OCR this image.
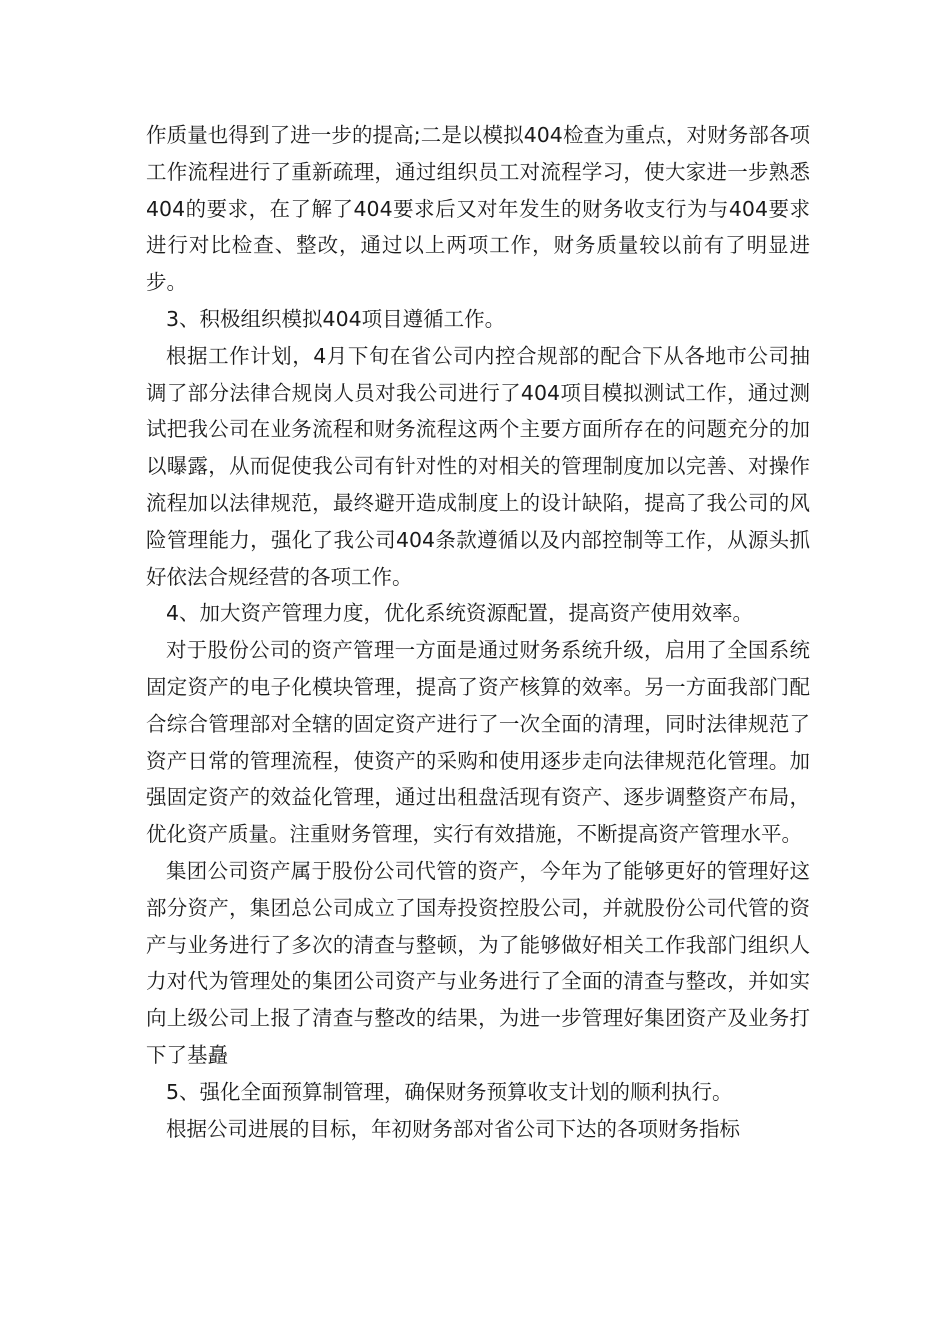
作质量也得到了进一步的提高;二是以模拟404检查为重点，对财务部各项工作流程进行了重新疏理，通过组织员工对流程学习，使大家进一步熟悉404的要求，在了解了404要求后又对年发生的财务收支行为与404要求进行对比检查、整改，通过以上两项工作，财务质量较以前有了明显进步。

3、积极组织模拟404项目遵循工作。

根据工作计划，4月下旬在省公司内控合规部的配合下从各地市公司抽调了部分法律合规岗人员对我公司进行了404项目模拟测试工作，通过测试把我公司在业务流程和财务流程这两个主要方面所存在的问题充分的加以曝露，从而促使我公司有针对性的对相关的管理制度加以完善、对操作流程加以法律规范，最终避开造成制度上的设计缺陷，提高了我公司的风险管理能力，强化了我公司404条款遵循以及内部控制等工作，从源头抓好依法合规经营的各项工作。

4、加大资产管理力度，优化系统资源配置，提高资产使用效率。

对于股份公司的资产管理一方面是通过财务系统升级，启用了全国系统固定资产的电子化模块管理，提高了资产核算的效率。另一方面我部门配合综合管理部对全辖的固定资产进行了一次全面的清理，同时法律规范了资产日常的管理流程，使资产的采购和使用逐步走向法律规范化管理。加强固定资产的效益化管理，通过出租盘活现有资产、逐步调整资产布局，优化资产质量。注重财务管理，实行有效措施，不断提高资产管理水平。

集团公司资产属于股份公司代管的资产，今年为了能够更好的管理好这部分资产，集团总公司成立了国寿投资控股公司，并就股份公司代管的资产与业务进行了多次的清查与整顿，为了能够做好相关工作我部门组织人力对代为管理处的集团公司资产与业务进行了全面的清查与整改，并如实向上级公司上报了清查与整改的结果，为进一步管理好集团资产及业务打下了基矗

5、强化全面预算制管理，确保财务预算收支计划的顺利执行。

根据公司进展的目标，年初财务部对省公司下达的各项财务指标
